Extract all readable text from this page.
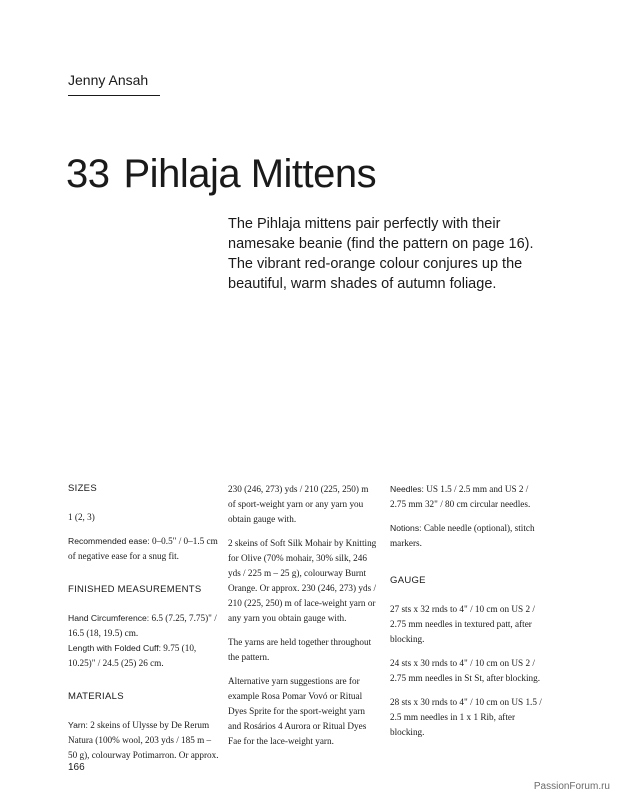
Jenny Ansah
33 Pihlaja Mittens
The Pihlaja mittens pair perfectly with their namesake beanie (find the pattern on page 16). The vibrant red-orange colour conjures up the beautiful, warm shades of autumn foliage.
SIZES

1 (2, 3)

Recommended ease: 0–0.5" / 0–1.5 cm of negative ease for a snug fit.

FINISHED MEASUREMENTS

Hand Circumference: 6.5 (7.25, 7.75)" / 16.5 (18, 19.5) cm.
Length with Folded Cuff: 9.75 (10, 10.25)" / 24.5 (25) 26 cm.

MATERIALS

Yarn: 2 skeins of Ulysse by De Rerum Natura (100% wool, 203 yds / 185 m – 50 g), colourway Potimarron. Or approx.

230 (246, 273) yds / 210 (225, 250) m of sport-weight yarn or any yarn you obtain gauge with.

2 skeins of Soft Silk Mohair by Knitting for Olive (70% mohair, 30% silk, 246 yds / 225 m – 25 g), colourway Burnt Orange. Or approx. 230 (246, 273) yds / 210 (225, 250) m of lace-weight yarn or any yarn you obtain gauge with.

The yarns are held together throughout the pattern.

Alternative yarn suggestions are for example Rosa Pomar Vovó or Ritual Dyes Sprite for the sport-weight yarn and Rosários 4 Aurora or Ritual Dyes Fae for the lace-weight yarn.

Needles: US 1.5 / 2.5 mm and US 2 / 2.75 mm 32" / 80 cm circular needles.

Notions: Cable needle (optional), stitch markers.

GAUGE

27 sts x 32 rnds to 4" / 10 cm on US 2 / 2.75 mm needles in textured patt, after blocking.

24 sts x 30 rnds to 4" / 10 cm on US 2 / 2.75 mm needles in St St, after blocking.

28 sts x 30 rnds to 4" / 10 cm on US 1.5 / 2.5 mm needles in 1 x 1 Rib, after blocking.

166
PassionForum.ru
